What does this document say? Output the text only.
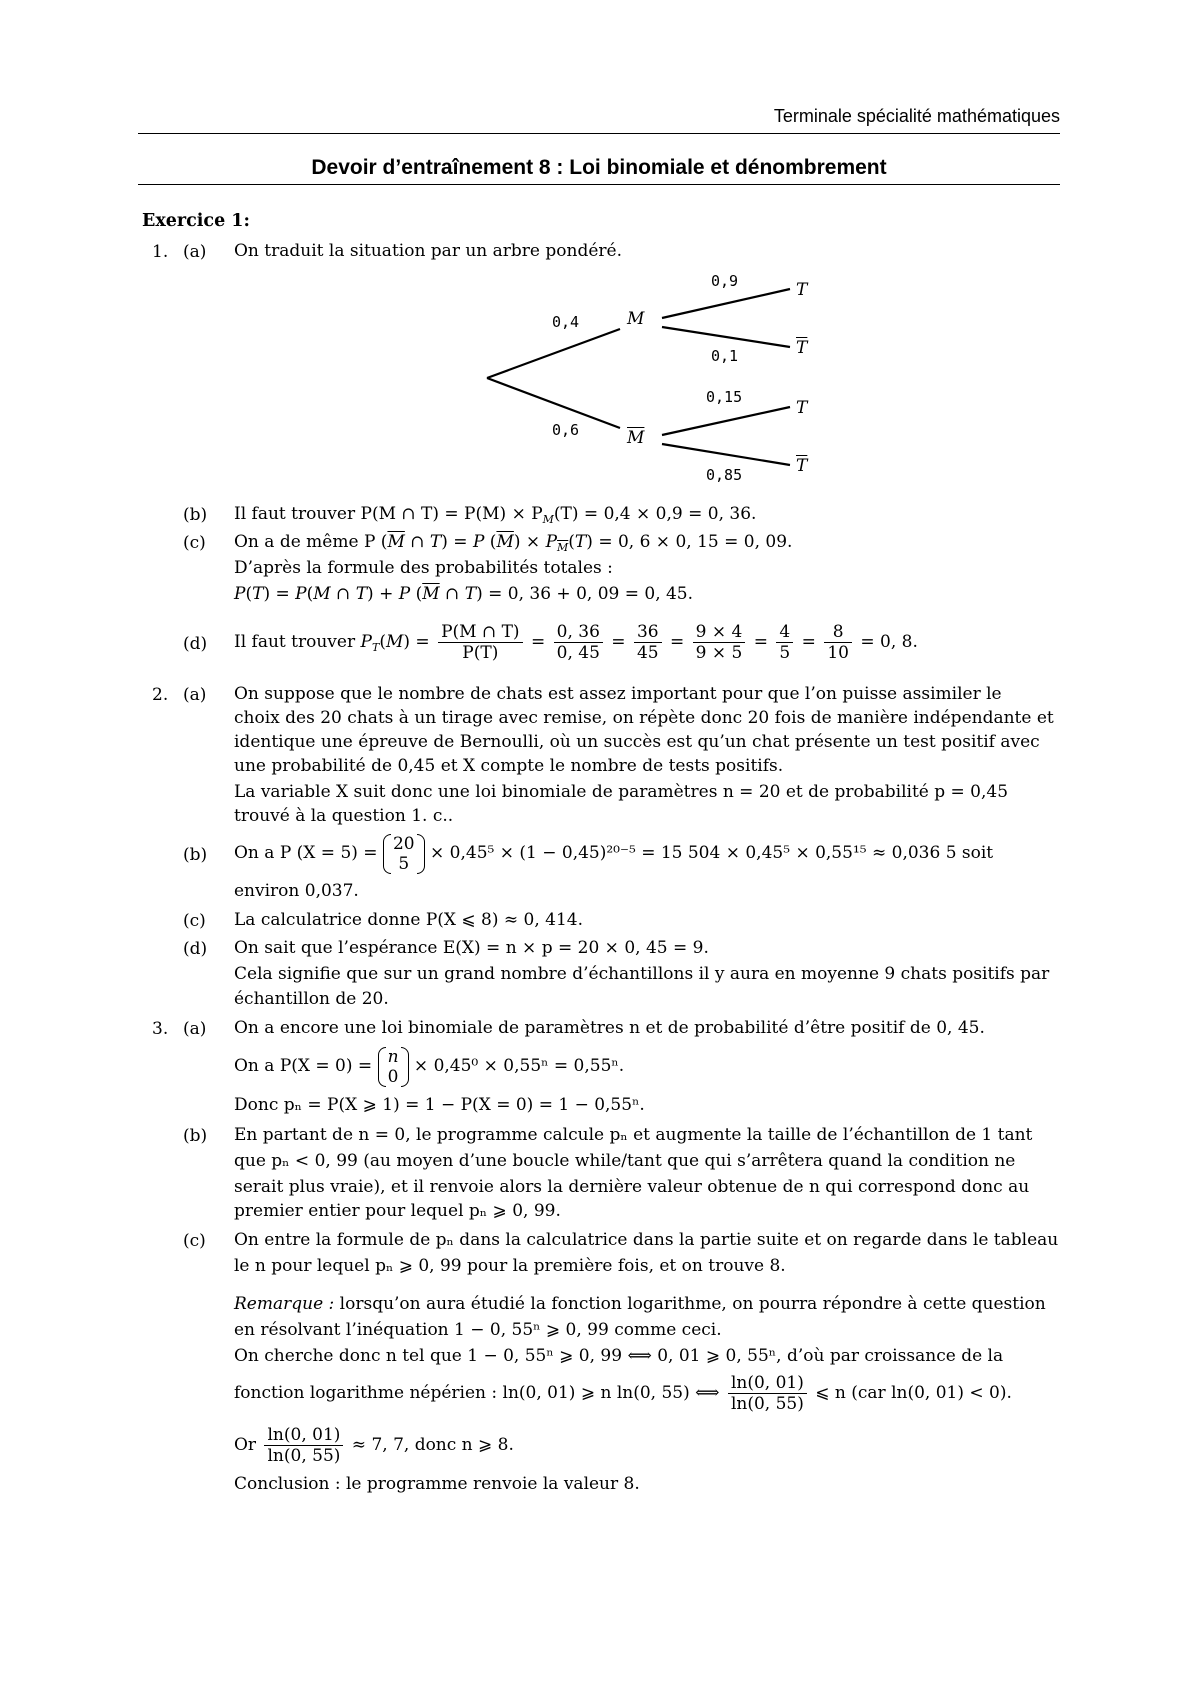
Terminale spécialité mathématiques
Devoir d’entraînement 8 : Loi binomiale et dénombrement
Exercice 1:
1. (a) On traduit la situation par un arbre pondéré.
0,4
0,6
M
$\overline{M}$
0,9
0,1
0,15
0,85
T
$\overline{T}$
T
$\overline{T}$
(b) Il faut trouver P(M ∩ $T) = P(M) \times P_M(T) = 0,4 \times 0,9 = 0$, 36.
(c) On a de même P ($\overline{M}$ ∩ T) = P $(\overline{M}) \times P_{\overline{M}}(T) = 0$, 6 × 0, 15 = 0, 09.
D’après la formule des probabilités totales :
P(T) = P(M ∩ T) + P ($\overline{M}$ ∩ T) = 0, 36 + 0, 09 = 0, 45.
(d) Il faut trouver $P_T(M) = \frac{P(M \cap T)}{P(T)} = \frac{0, 36}{0, 45} = \frac{36}{45} = \frac{9 \times 4}{9 \times 5} = \frac{4}{5} = \frac{8}{10} = 0$, 8.
2. (a) On suppose que le nombre de chats est assez important pour que l’on puisse assimiler le
choix des 20 chats à un tirage avec remise, on répète donc 20 fois de manière indépendante et
identique une épreuve de Bernoulli, où un succès est qu’un chat présente un test positif avec
une probabilité de 0,45 et X compte le nombre de tests positifs.
La variable X suit donc une loi binomiale de paramètres n = 20 et de probabilité p = 0,45
trouvé à la question 1. c..
(b) On a P (X = 5) = 20
5
× 0,45⁵ × (1 − 0,45)²⁰⁻⁵ = 15 504 × 0,45⁵ × 0,55¹⁵ ≈ 0,036 5 soit
environ 0,037.
(c) La calculatrice donne P(X ⩽ 8) ≈ 0, 414.
(d) On sait que l’espérance E(X) = n × p = 20 × 0, 45 = 9.
Cela signifie que sur un grand nombre d’échantillons il y aura en moyenne 9 chats positifs par
échantillon de 20.
3. (a) On a encore une loi binomiale de paramètres n et de probabilité d’être positif de 0, 45.
On a P(X = 0) = n
0
× 0,45⁰ × 0,55ⁿ = 0,55ⁿ.
Donc pₙ = P(X ⩾ 1) = 1 − P(X = 0) = 1 − 0,55ⁿ.
(b) En partant de n = 0, le programme calcule pₙ et augmente la taille de l’échantillon de 1 tant
que pₙ < 0, 99 (au moyen d’une boucle while/tant que qui s’arrêtera quand la condition ne
serait plus vraie), et il renvoie alors la dernière valeur obtenue de n qui correspond donc au
premier entier pour lequel pₙ ⩾ 0, 99.
(c) On entre la formule de pₙ dans la calculatrice dans la partie suite et on regarde dans le tableau
le n pour lequel pₙ ⩾ 0, 99 pour la première fois, et on trouve 8.
Remarque : lorsqu’on aura étudié la fonction logarithme, on pourra répondre à cette question
en résolvant l’inéquation 1 − 0, 55ⁿ ⩾ 0, 99 comme ceci.
On cherche donc n tel que 1 − 0, 55ⁿ ⩾ 0, 99 ⟺ 0, 01 ⩾ 0, 55ⁿ, d’où par croissance de la
fonction logarithme népérien : ln(0, 01) ⩾ n ln(0, 55) ⟺ $\frac{\ln(0, 01)}{\ln(0, 55)}$ ⩽ n (car ln(0, 01) < 0).
Or $\frac{\ln(0, 01)}{\ln(0, 55)} \approx 7$, 7, donc n ⩾ 8.
Conclusion : le programme renvoie la valeur 8.
